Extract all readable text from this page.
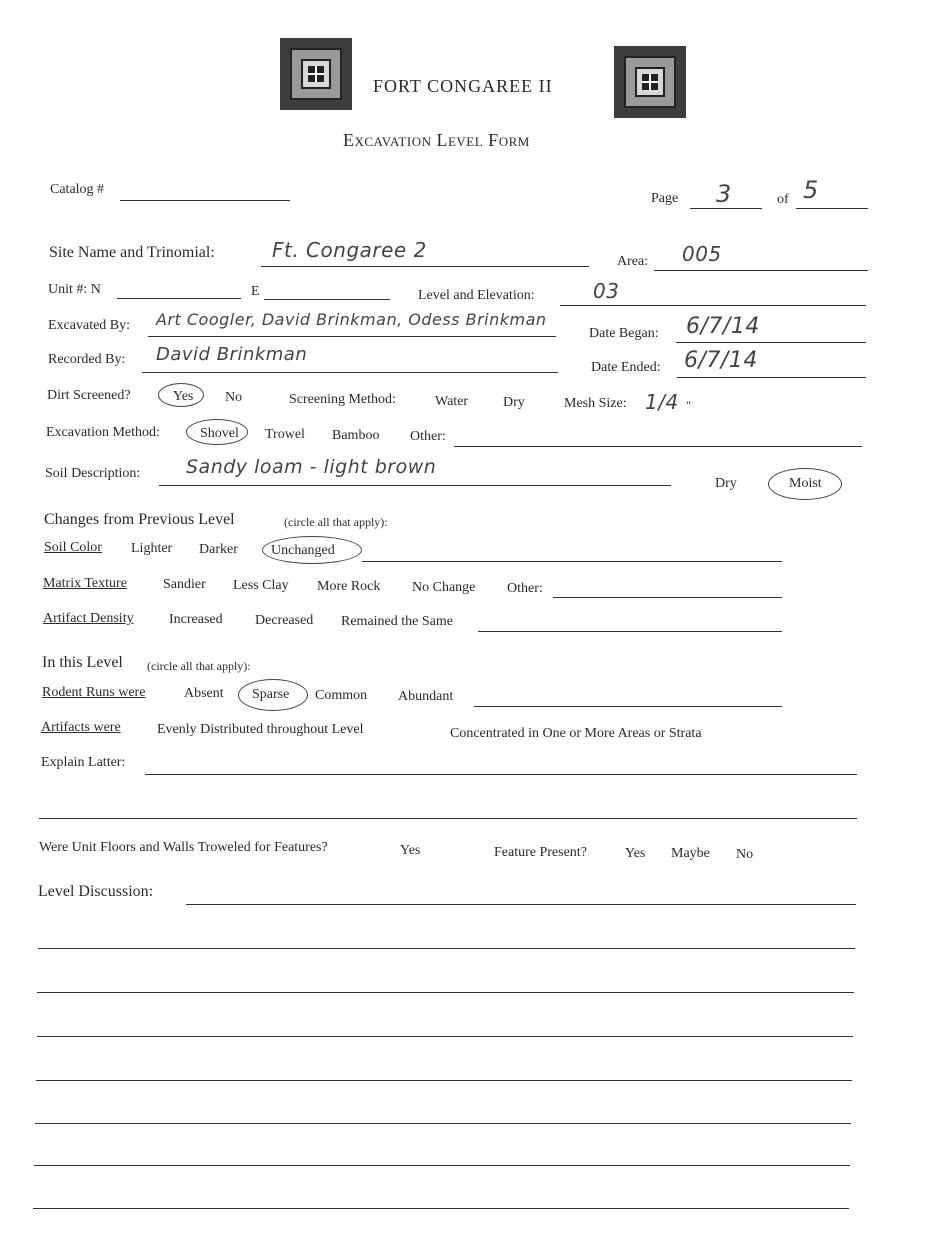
FORT CONGAREE II
Excavation Level Form
Catalog #
Page 3	of 5
Site Name and Trinomial:	Ft. Congaree 2	Area: 005
Unit #: N	E	Level and Elevation:	03
Excavated By: Art Coogler, David Brinkman, Odess Brinkman
Date Began: 6/7/14
Recorded By: David Brinkman
Date Ended: 6/7/14
Dirt Screened?	Yes No	Screening Method:	Water Dry	Mesh Size: 1/4 "
Excavation Method:	Shovel Trowel Bamboo Other:
Soil Description: Sandy loam - light brown
Dry	Moist
Changes from Previous Level	(circle all that apply):
Soil Color Lighter Darker Unchanged
Matrix Texture	Sandier Less Clay More Rock No Change Other:
Artifact Density	Increased Decreased Remained the Same
In this Level (circle all that apply):
Rodent Runs were	Absent Sparse Common Abundant
Artifacts were	Evenly Distributed throughout Level	Concentrated in One or More Areas or Strata
Explain Latter:
Were Unit Floors and Walls Troweled for Features?	Yes	Feature Present?	Yes Maybe No
Level Discussion:
